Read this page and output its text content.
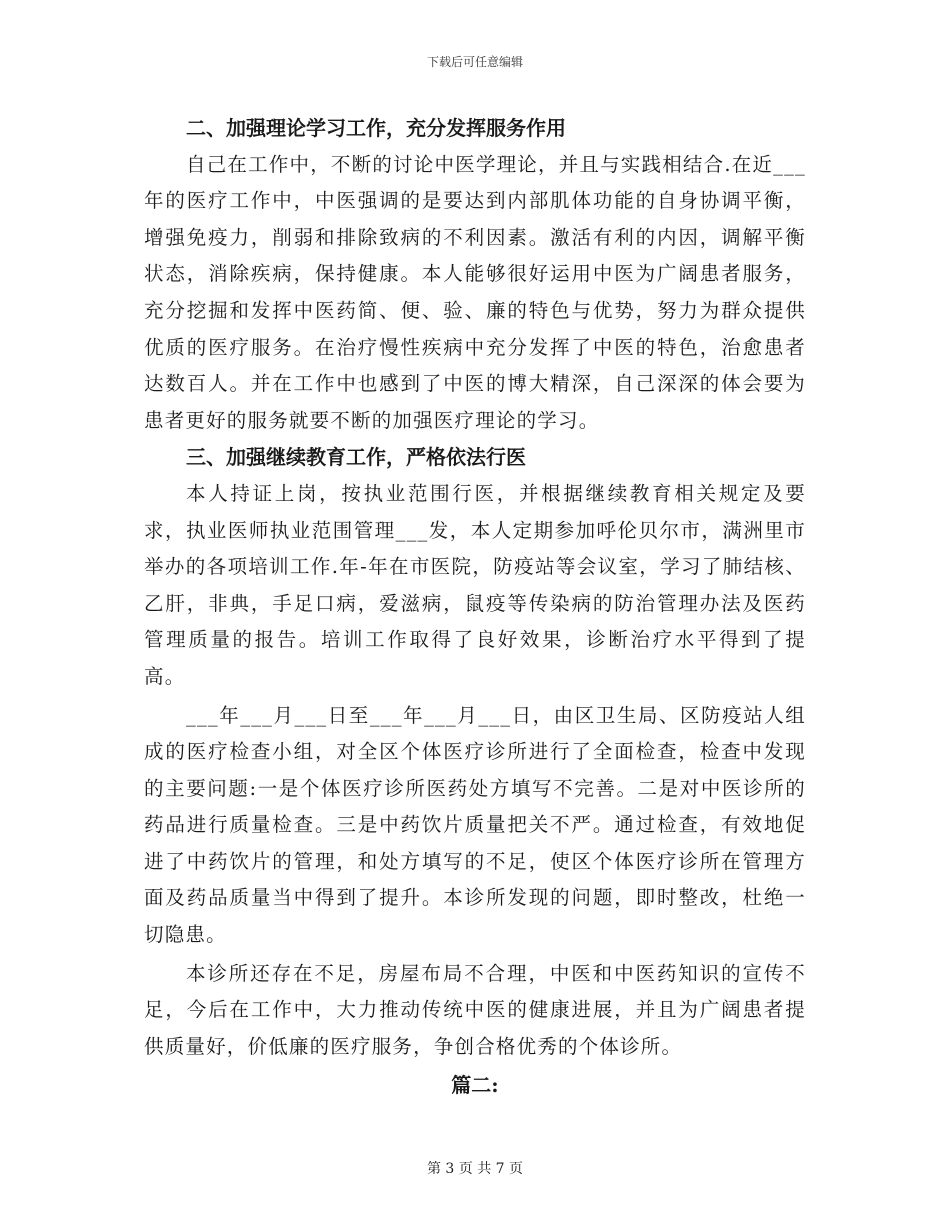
下载后可任意编辑
二、加强理论学习工作，充分发挥服务作用

自己在工作中，不断的讨论中医学理论，并且与实践相结合.在近___年的医疗工作中，中医强调的是要达到内部肌体功能的自身协调平衡，增强免疫力，削弱和排除致病的不利因素。激活有利的内因，调解平衡状态，消除疾病，保持健康。本人能够很好运用中医为广阔患者服务，充分挖掘和发挥中医药简、便、验、廉的特色与优势，努力为群众提供优质的医疗服务。在治疗慢性疾病中充分发挥了中医的特色，治愈患者达数百人。并在工作中也感到了中医的博大精深，自己深深的体会要为患者更好的服务就要不断的加强医疗理论的学习。

三、加强继续教育工作，严格依法行医

本人持证上岗，按执业范围行医，并根据继续教育相关规定及要求，执业医师执业范围管理___发，本人定期参加呼伦贝尔市，满洲里市举办的各项培训工作.年-年在市医院，防疫站等会议室，学习了肺结核、乙肝，非典，手足口病，爱滋病，鼠疫等传染病的防治管理办法及医药管理质量的报告。培训工作取得了良好效果，诊断治疗水平得到了提高。

___年___月___日至___年___月___日，由区卫生局、区防疫站人组成的医疗检查小组，对全区个体医疗诊所进行了全面检查，检查中发现的主要问题:一是个体医疗诊所医药处方填写不完善。二是对中医诊所的药品进行质量检查。三是中药饮片质量把关不严。通过检查，有效地促进了中药饮片的管理，和处方填写的不足，使区个体医疗诊所在管理方面及药品质量当中得到了提升。本诊所发现的问题，即时整改，杜绝一切隐患。

本诊所还存在不足，房屋布局不合理，中医和中医药知识的宣传不足，今后在工作中，大力推动传统中医的健康进展，并且为广阔患者提供质量好，价低廉的医疗服务，争创合格优秀的个体诊所。

篇二:
第 3 页 共 7 页
